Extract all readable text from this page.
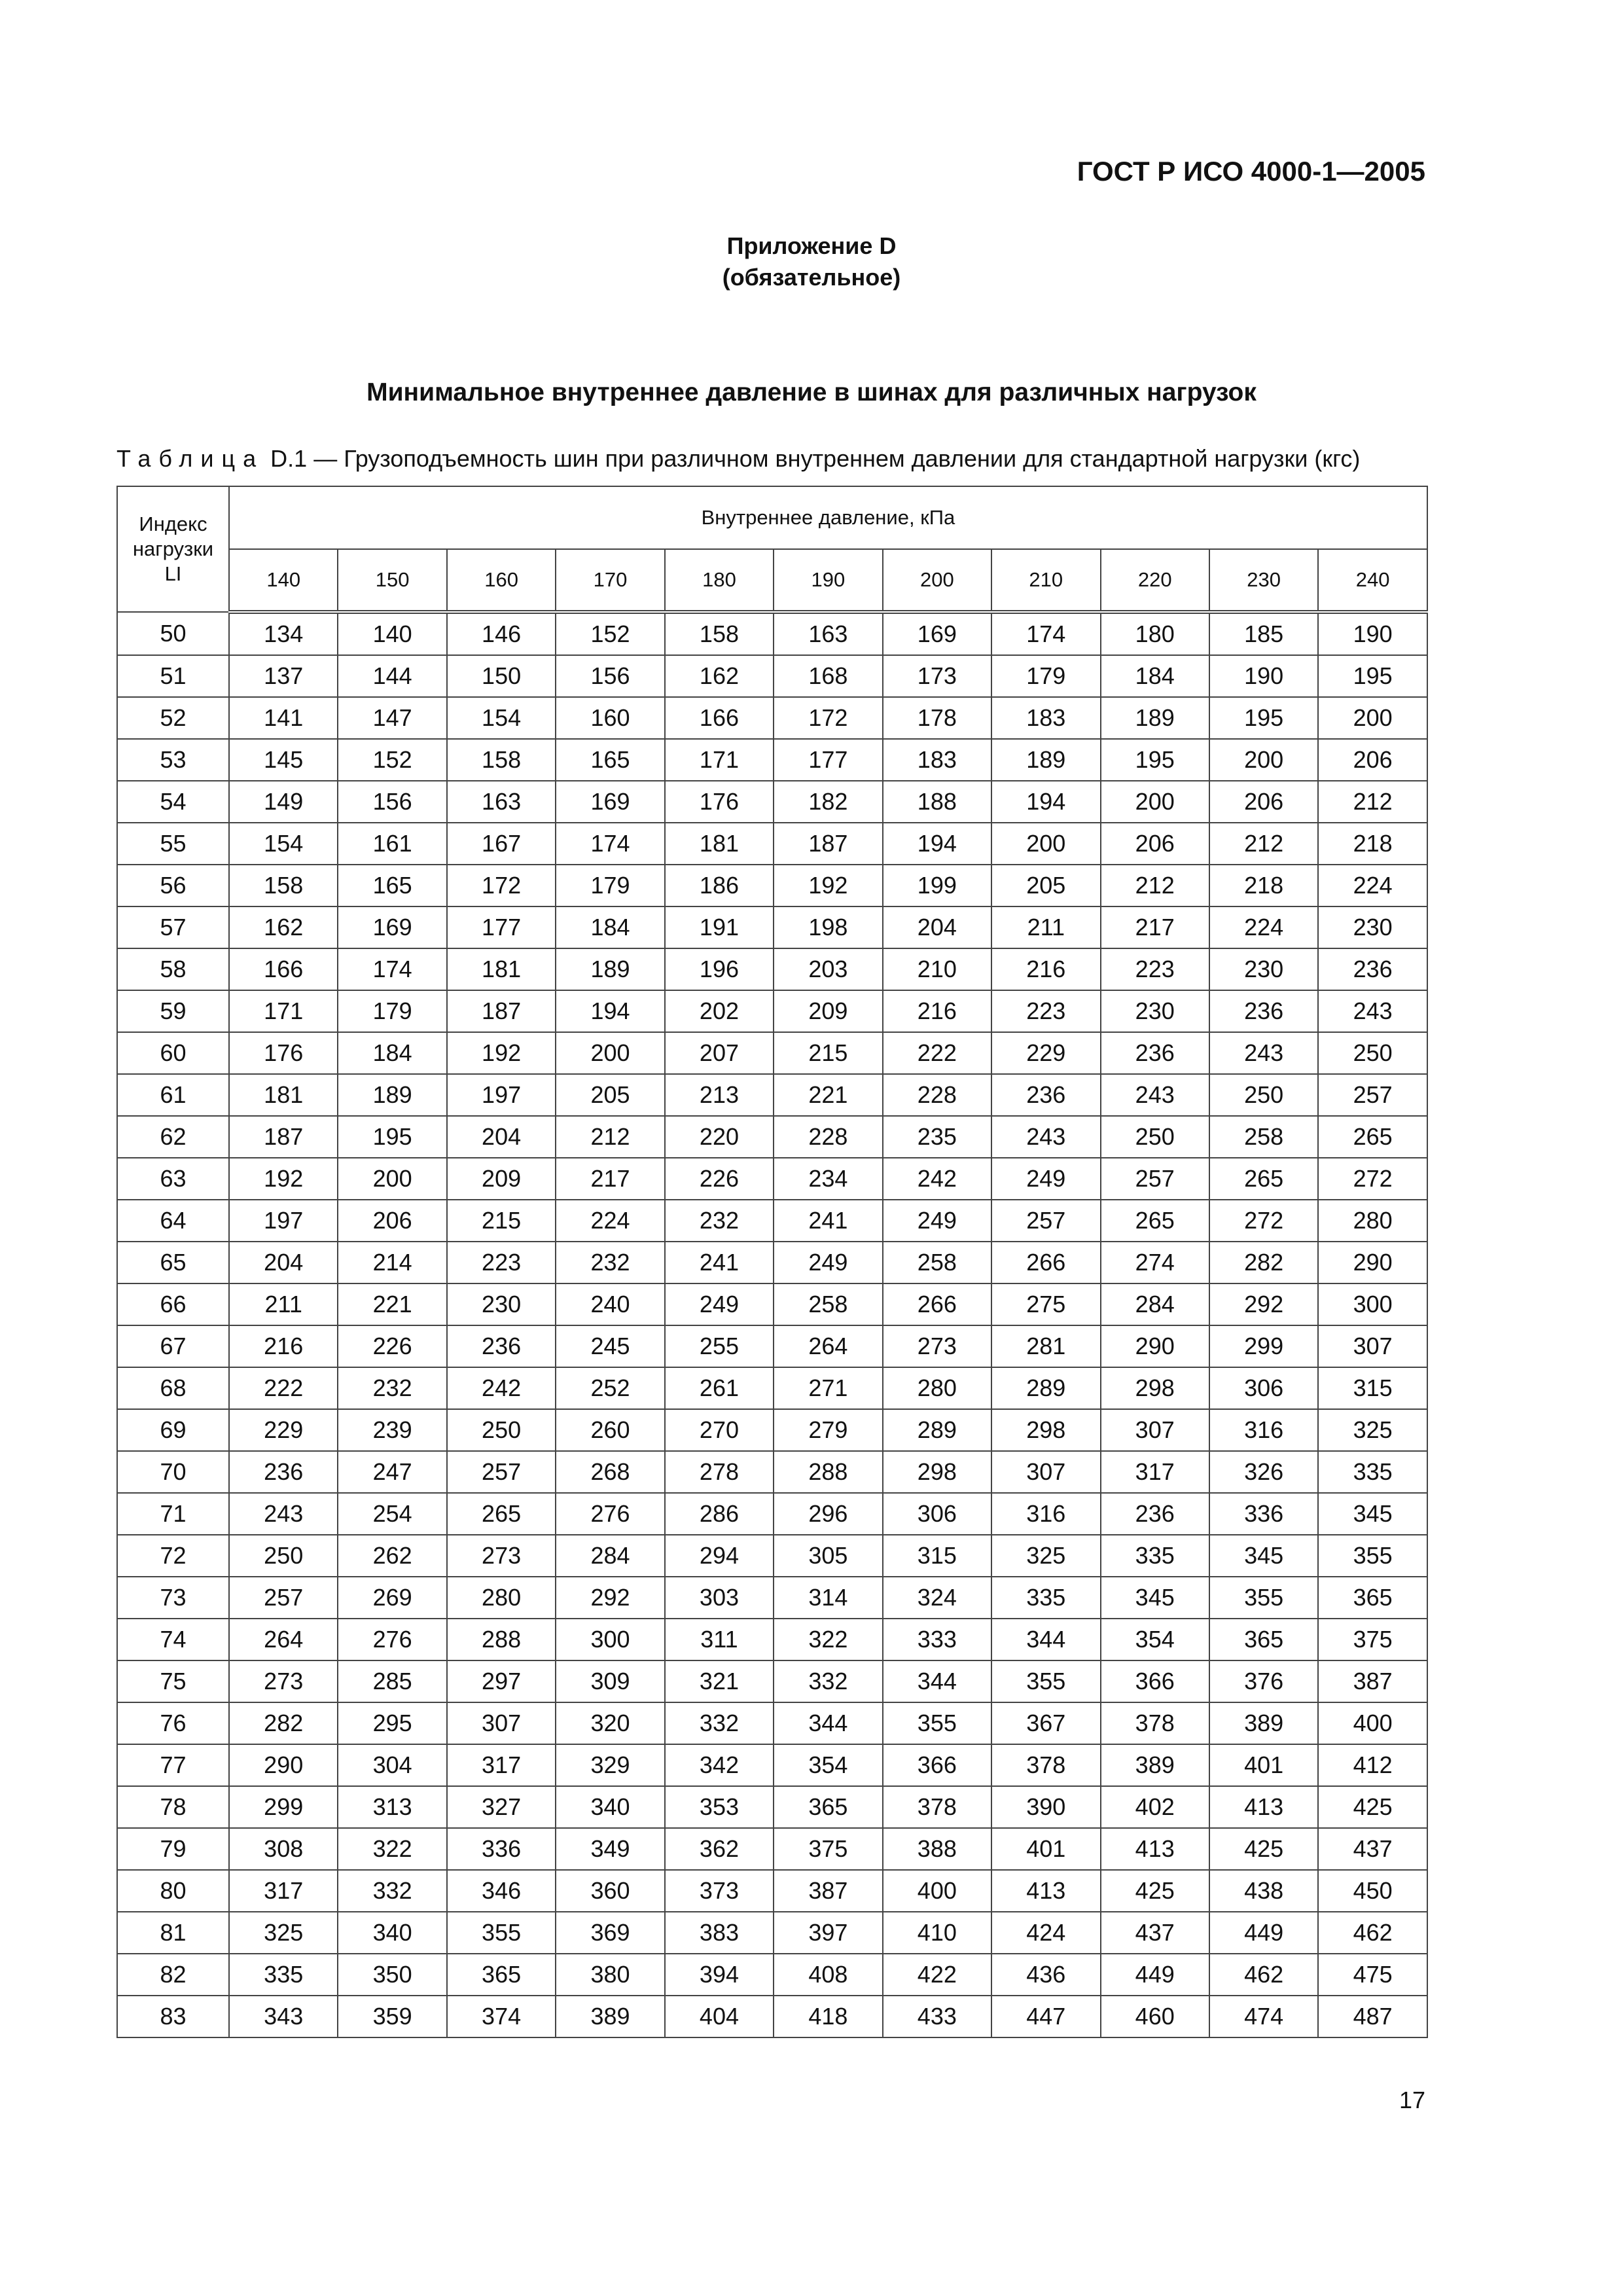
ГОСТ Р ИСО 4000-1—2005
Приложение D
(обязательное)
Минимальное внутреннее давление в шинах для различных нагрузок
Таблица D.1 — Грузоподъемность шин при различном внутреннем давлении для стандартной нагрузки (кгс)
Индекс
нагрузки
LI	Внутреннее давление, кПа										
	140	150	160	170	180	190	200	210	220	230	240
50	134	140	146	152	158	163	169	174	180	185	190
51	137	144	150	156	162	168	173	179	184	190	195
52	141	147	154	160	166	172	178	183	189	195	200
53	145	152	158	165	171	177	183	189	195	200	206
54	149	156	163	169	176	182	188	194	200	206	212
55	154	161	167	174	181	187	194	200	206	212	218
56	158	165	172	179	186	192	199	205	212	218	224
57	162	169	177	184	191	198	204	211	217	224	230
58	166	174	181	189	196	203	210	216	223	230	236
59	171	179	187	194	202	209	216	223	230	236	243
60	176	184	192	200	207	215	222	229	236	243	250
61	181	189	197	205	213	221	228	236	243	250	257
62	187	195	204	212	220	228	235	243	250	258	265
63	192	200	209	217	226	234	242	249	257	265	272
64	197	206	215	224	232	241	249	257	265	272	280
65	204	214	223	232	241	249	258	266	274	282	290
66	211	221	230	240	249	258	266	275	284	292	300
67	216	226	236	245	255	264	273	281	290	299	307
68	222	232	242	252	261	271	280	289	298	306	315
69	229	239	250	260	270	279	289	298	307	316	325
70	236	247	257	268	278	288	298	307	317	326	335
71	243	254	265	276	286	296	306	316	236	336	345
72	250	262	273	284	294	305	315	325	335	345	355
73	257	269	280	292	303	314	324	335	345	355	365
74	264	276	288	300	311	322	333	344	354	365	375
75	273	285	297	309	321	332	344	355	366	376	387
76	282	295	307	320	332	344	355	367	378	389	400
77	290	304	317	329	342	354	366	378	389	401	412
78	299	313	327	340	353	365	378	390	402	413	425
79	308	322	336	349	362	375	388	401	413	425	437
80	317	332	346	360	373	387	400	413	425	438	450
81	325	340	355	369	383	397	410	424	437	449	462
82	335	350	365	380	394	408	422	436	449	462	475
83	343	359	374	389	404	418	433	447	460	474	487
17
